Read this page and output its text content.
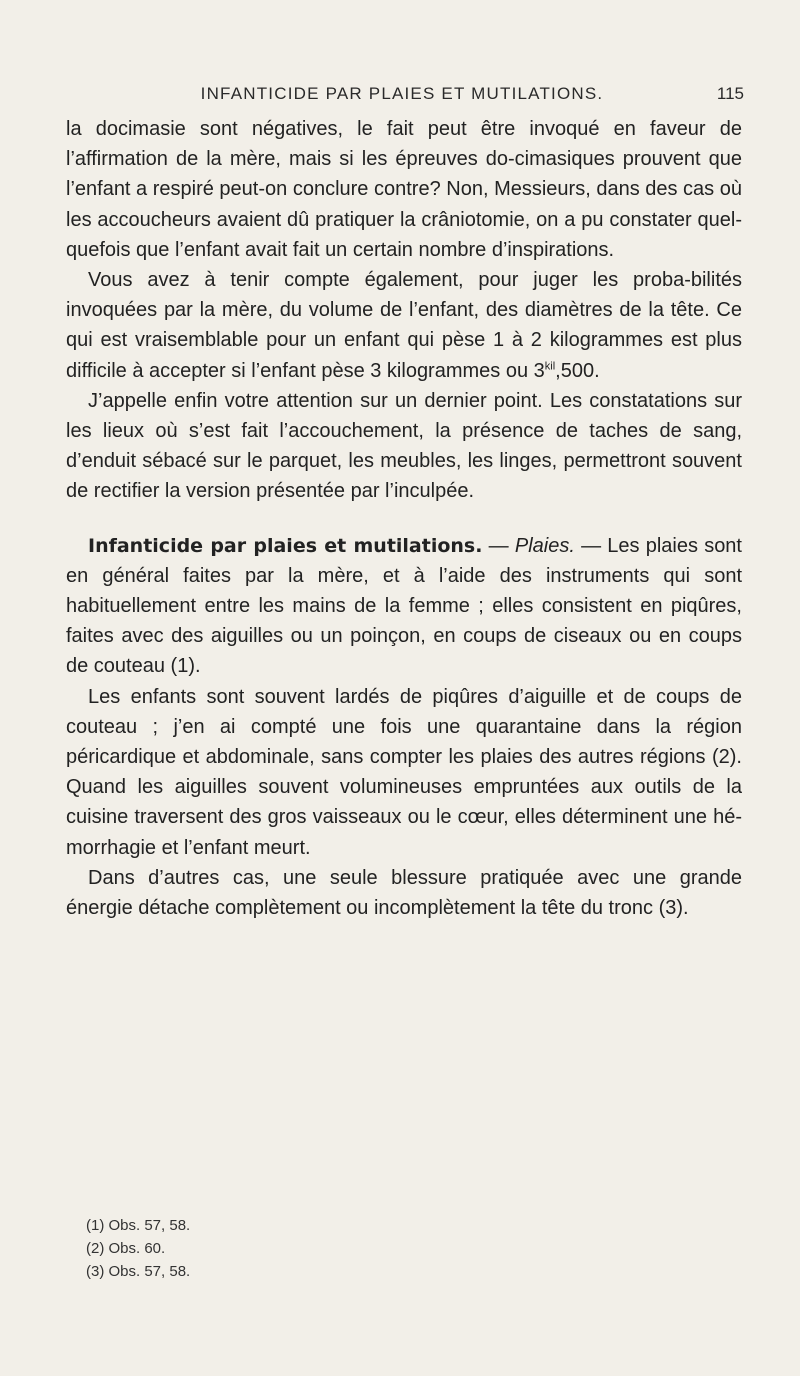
INFANTICIDE PAR PLAIES ET MUTILATIONS.	115

la docimasie sont négatives, le fait peut être invoqué en faveur de l’affirmation de la mère, mais si les épreuves do-cimasiques prouvent que l’enfant a respiré peut-on conclure contre? Non, Messieurs, dans des cas où les accoucheurs avaient dû pratiquer la crâniotomie, on a pu constater quel-quefois que l’enfant avait fait un certain nombre d’inspirations.

Vous avez à tenir compte également, pour juger les proba-bilités invoquées par la mère, du volume de l’enfant, des diamètres de la tête. Ce qui est vraisemblable pour un enfant qui pèse 1 à 2 kilogrammes est plus difficile à accepter si l’enfant pèse 3 kilogrammes ou $3^{kil},500$.

J’appelle enfin votre attention sur un dernier point. Les constatations sur les lieux où s’est fait l’accouchement, la présence de taches de sang, d’enduit sébacé sur le parquet, les meubles, les linges, permettront souvent de rectifier la version présentée par l’inculpée.

Infanticide par plaies et mutilations. — Plaies. — Les plaies sont en général faites par la mère, et à l’aide des instruments qui sont habituellement entre les mains de la femme ; elles consistent en piqûres, faites avec des aiguilles ou un poinçon, en coups de ciseaux ou en coups de couteau (1).

Les enfants sont souvent lardés de piqûres d’aiguille et de coups de couteau ; j’en ai compté une fois une quarantaine dans la région péricardique et abdominale, sans compter les plaies des autres régions (2). Quand les aiguilles souvent volumineuses empruntées aux outils de la cuisine traversent des gros vaisseaux ou le cœur, elles déterminent une hé-morrhagie et l’enfant meurt.

Dans d’autres cas, une seule blessure pratiquée avec une grande énergie détache complètement ou incomplètement la tête du tronc (3).

(1) Obs. 57, 58.
(2) Obs. 60.
(3) Obs. 57, 58.
